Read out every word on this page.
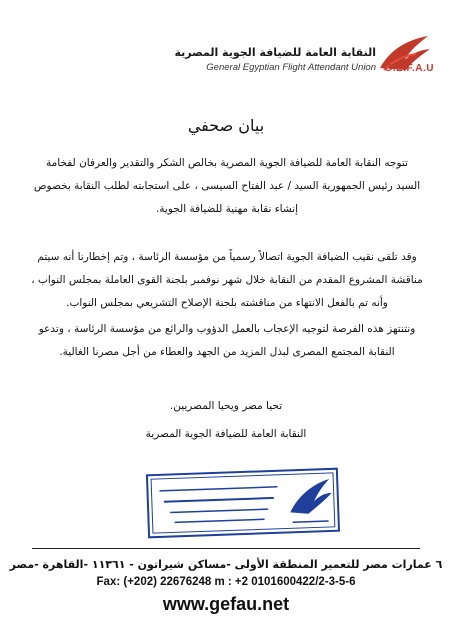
النقابة العامة للضيافة الجوية المصرية
General Egyptian Flight Attendant Union G.E.F.A.U
بيان صحفي
تتوجه النقابة العامة للضيافة الجوية المصرية بخالص الشكر والتقدير والعرفان لفخامة
السيد رئيس الجمهورية السيد / عبد الفتاح السيسى ، على استجابته لطلب النقابة بخصوص
إنشاء نقابة مهنية للضيافة الجوية.
وقد تلقى نقيب الضيافة الجوية اتصالاً رسمياً من مؤسسة الرئاسة ، وتم إخطارنا أنه سيتم
مناقشة المشروع المقدم من النقابة خلال شهر نوفمبر بلجنة القوى العاملة بمجلس النواب ،
وأنه تم بالفعل الانتهاء من مناقشته بلجنة الإصلاح التشريعي بمجلس النواب.
ونتنتهز هذه الفرصة لتوجيه الإعجاب بالعمل الدؤوب والرائع من مؤسسة الرئاسة ، وتدعو
النقابة المجتمع المصرى لبذل المزيد من الجهد والعطاء من أجل مصرنا الغالية.
تحيا مصر ويحيا المصريين.
النقابة العامة للضيافة الجوية المصرية
٦ عمارات مصر للتعمير المنطقة الأولى -مساكن شيراتون - ١١٣٦١ -القاهرة -مصر
Fax: (+202) 22676248 m : +2 0101600422/2-3-5-6
www.gefau.net
